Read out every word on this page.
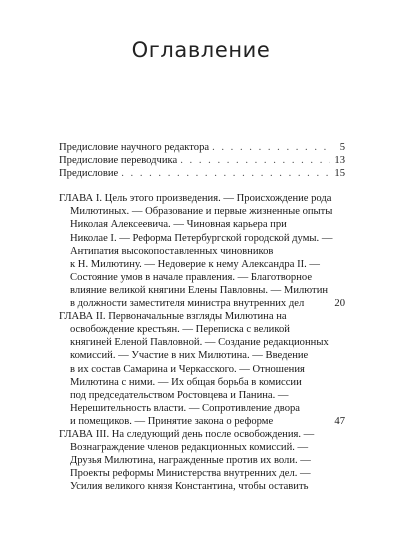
Оглавление
Предисловие научного редактора . . .	5
Предисловие переводчика . . .	13
Предисловие . . .	15
ГЛАВА I. Цель этого произведения. — Происхождение рода
Милютиных. — Образование и первые жизненные опыты
Николая Алексеевича. — Чиновная карьера при
Николае I. — Реформа Петербургской городской думы. —
Антипатия высокопоставленных чиновников
к Н. Милютину. — Недоверие к нему Александра II. —
Состояние умов в начале правления. — Благотворное
влияние великой княгини Елены Павловны. — Милютин
в должности заместителя министра внутренних дел	20
ГЛАВА II. Первоначальные взгляды Милютина на
освобождение крестьян. — Переписка с великой
княгиней Еленой Павловной. — Создание редакционных
комиссий. — Участие в них Милютина. — Введение
в их состав Самарина и Черкасского. — Отношения
Милютина с ними. — Их общая борьба в комиссии
под председательством Ростовцева и Панина. —
Нерешительность власти. — Сопротивление двора
и помещиков. — Принятие закона о реформе	47
ГЛАВА III. На следующий день после освобождения. —
Вознаграждение членов редакционных комиссий. —
Друзья Милютина, награжденные против их воли. —
Проекты реформы Министерства внутренних дел. —
Усилия великого князя Константина, чтобы оставить
